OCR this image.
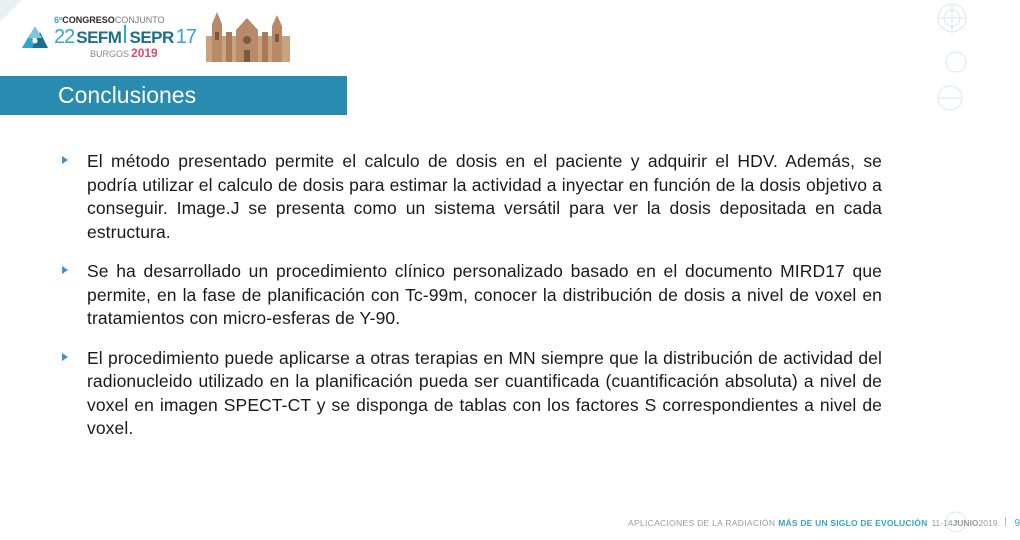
6º CONGRESO CONJUNTO
22 SEFM SEPR 17
BURGOS 2019
Conclusiones
El método presentado permite el calculo de dosis en el paciente y adquirir el HDV. Además, se podría utilizar el calculo de dosis para estimar la actividad a inyectar en función de la dosis objetivo a conseguir. Image.J se presenta como un sistema versátil para ver la dosis depositada en cada estructura.
Se ha desarrollado un procedimiento clínico personalizado basado en el documento MIRD17 que permite, en la fase de planificación con Tc-99m, conocer la distribución de dosis a nivel de voxel en tratamientos con micro-esferas de Y-90.
El procedimiento puede aplicarse a otras terapias en MN siempre que la distribución de actividad del radionucleido utilizado en la planificación pueda ser cuantificada (cuantificación absoluta) a nivel de voxel en imagen SPECT-CT y se disponga de tablas con los factores S correspondientes a nivel de voxel.
APLICACIONES DE LA RADIACIÓN MÁS DE UN SIGLO DE EVOLUCIÓN 11-14 JUNIO 2019 9
